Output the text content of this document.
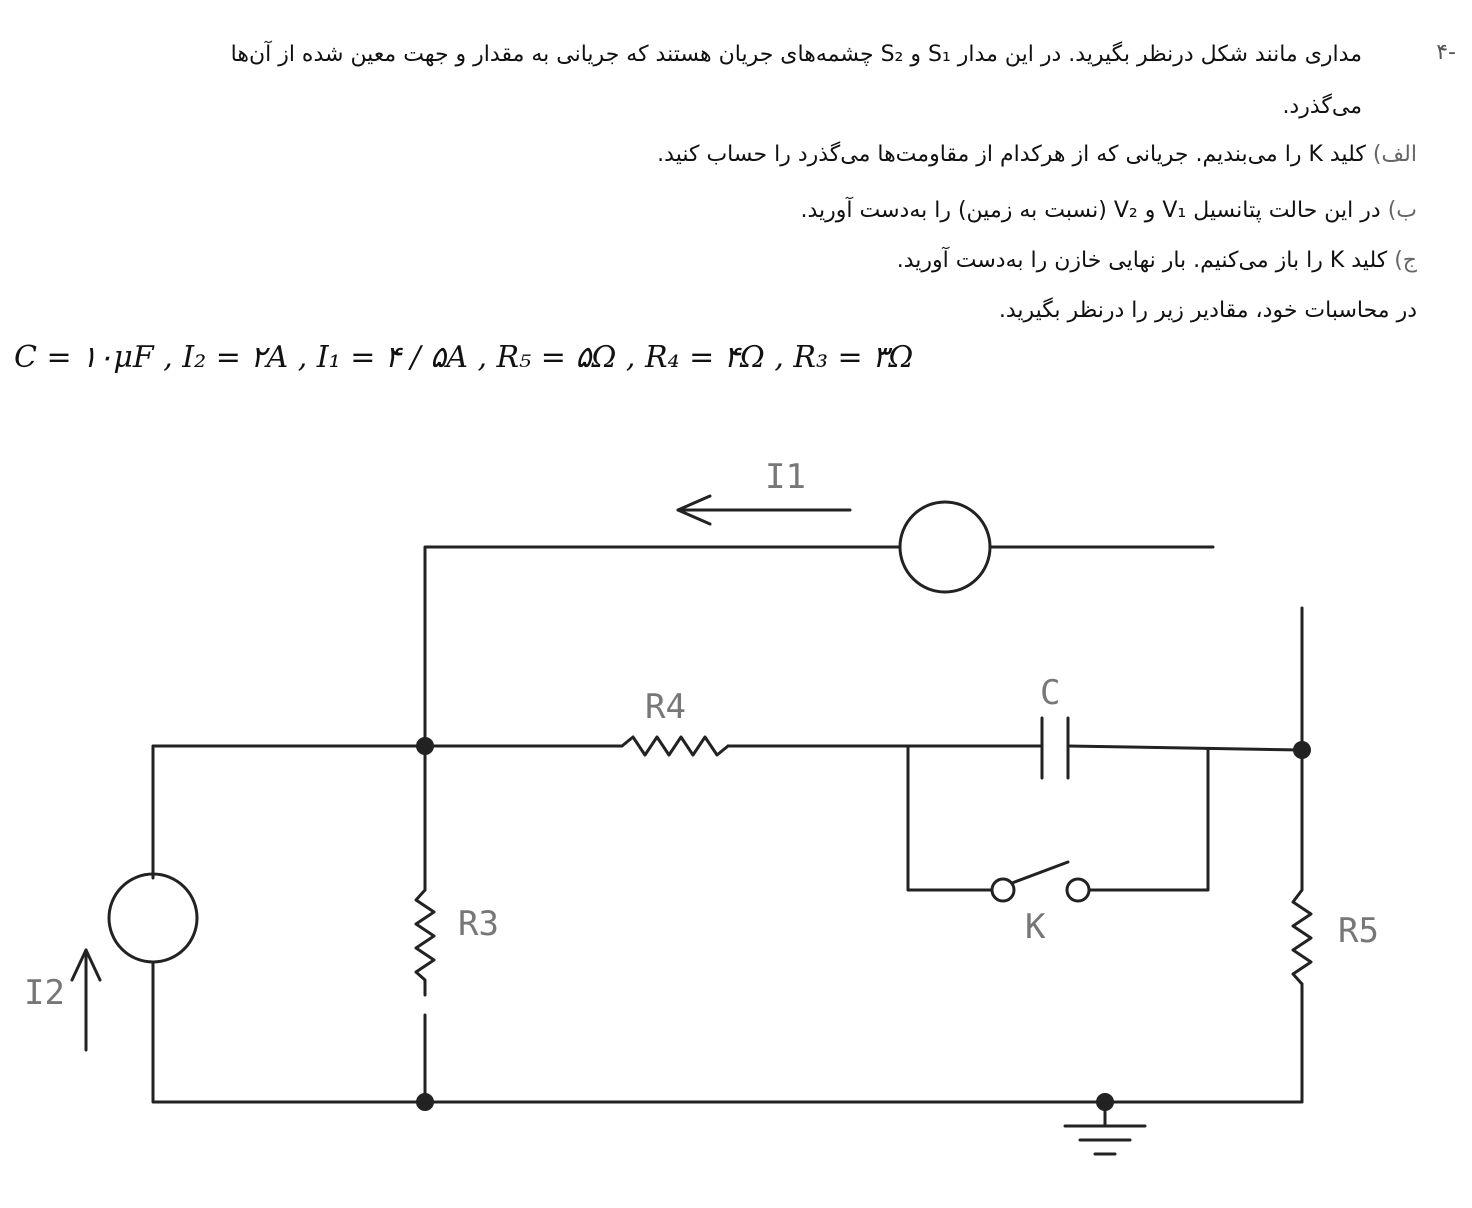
-۴
مداری مانند شکل درنظر بگیرید. در این مدار S₁ و S₂ چشمه‌های جریان هستند که جریانی به مقدار و جهت معین شده از آن‌ها
می‌گذرد.
الف) کلید K را می‌بندیم. جریانی که از هرکدام از مقاومت‌ها می‌گذرد را حساب کنید.
ب) در این حالت پتانسیل V₁ و V₂ (نسبت به زمین) را به‌دست آورید.
ج) کلید K را باز می‌کنیم. بار نهایی خازن را به‌دست آورید.
در محاسبات خود، مقادیر زیر را درنظر بگیرید.
C = ۱۰μF , I₂ = ۲A , I₁ = ۴ / ۵A , R₅ = ۵Ω , R₄ = ۴Ω , R₃ = ۳Ω
I1
I2
R4
R3	R5
C
K
